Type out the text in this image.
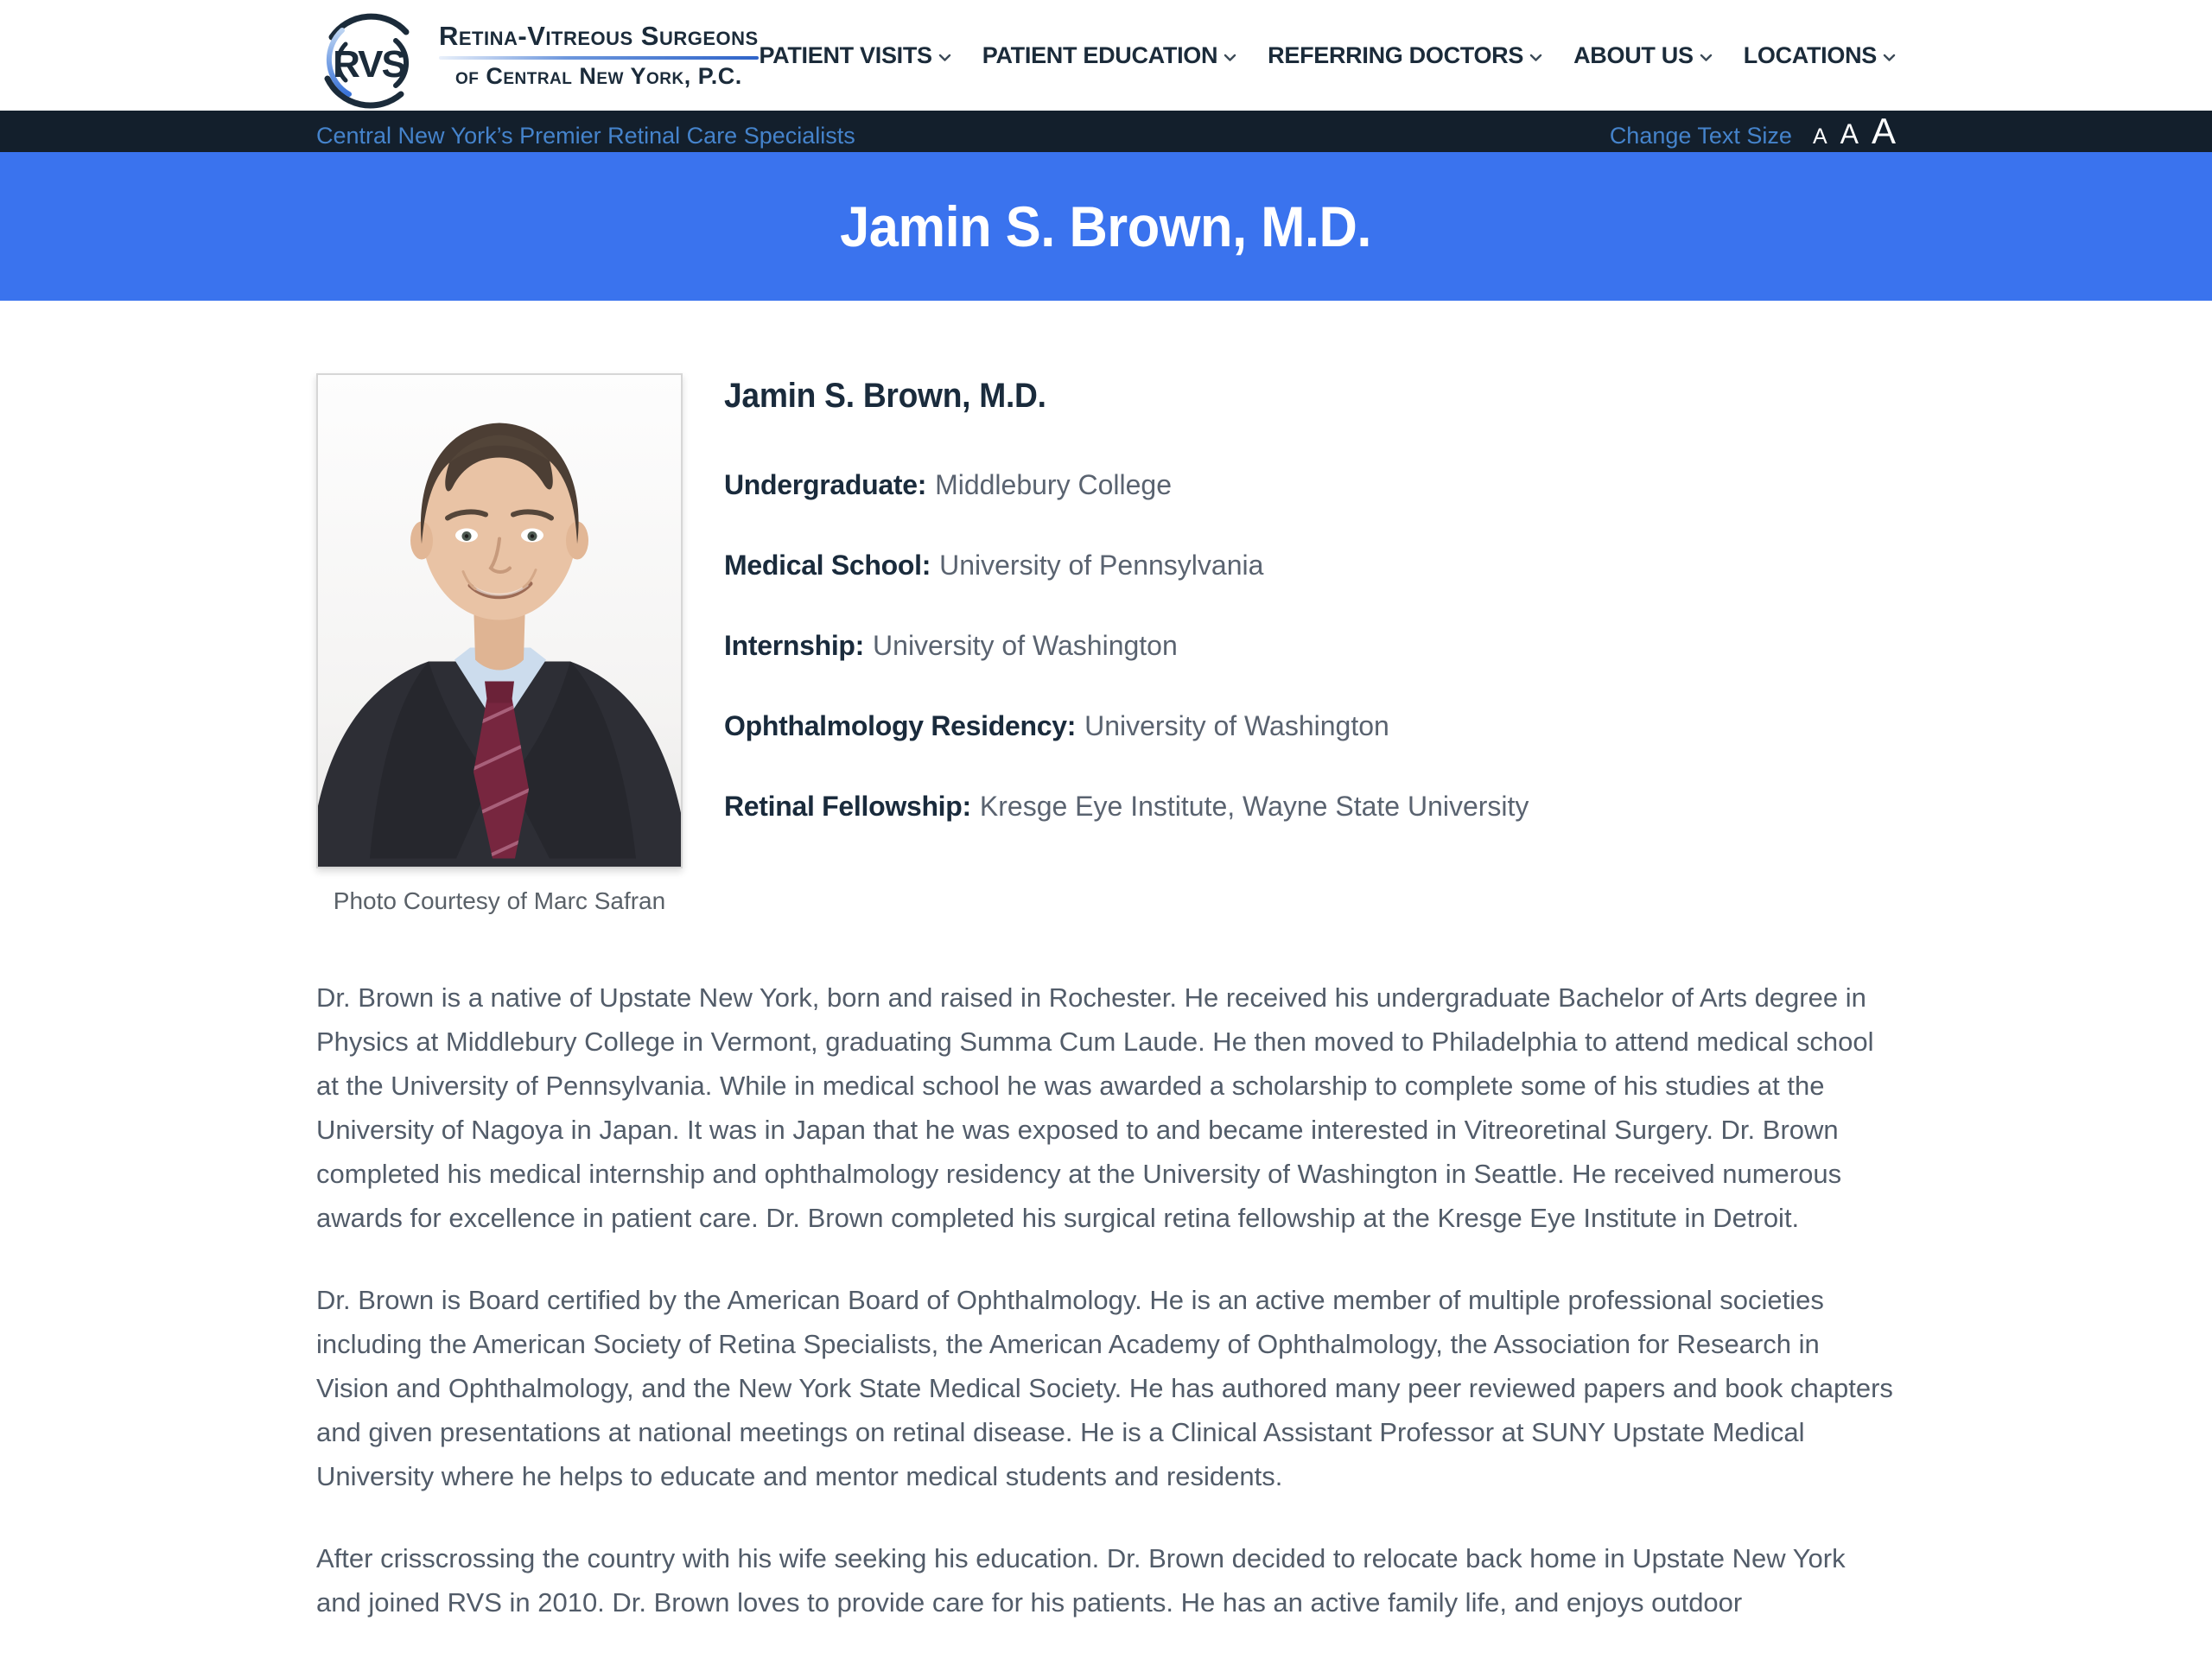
RVS
Retina-Vitreous Surgeons
of Central New York, P.C.
PATIENT VISITS PATIENT EDUCATION REFERRING DOCTORS ABOUT US LOCATIONS
Central New York’s Premier Retinal Care Specialists	Change Text Size A A A
Jamin S. Brown, M.D.
Photo Courtesy of Marc Safran
Jamin S. Brown, M.D.
Undergraduate: Middlebury College
Medical School: University of Pennsylvania
Internship: University of Washington
Ophthalmology Residency: University of Washington
Retinal Fellowship: Kresge Eye Institute, Wayne State University

Dr. Brown is a native of Upstate New York, born and raised in Rochester. He received his undergraduate Bachelor of Arts degree in Physics at Middlebury College in Vermont, graduating Summa Cum Laude. He then moved to Philadelphia to attend medical school at the University of Pennsylvania. While in medical school he was awarded a scholarship to complete some of his studies at the University of Nagoya in Japan. It was in Japan that he was exposed to and became interested in Vitreoretinal Surgery. Dr. Brown completed his medical internship and ophthalmology residency at the University of Washington in Seattle. He received numerous awards for excellence in patient care. Dr. Brown completed his surgical retina fellowship at the Kresge Eye Institute in Detroit.

Dr. Brown is Board certified by the American Board of Ophthalmology. He is an active member of multiple professional societies including the American Society of Retina Specialists, the American Academy of Ophthalmology, the Association for Research in Vision and Ophthalmology, and the New York State Medical Society. He has authored many peer reviewed papers and book chapters and given presentations at national meetings on retinal disease. He is a Clinical Assistant Professor at SUNY Upstate Medical University where he helps to educate and mentor medical students and residents.

After crisscrossing the country with his wife seeking his education. Dr. Brown decided to relocate back home in Upstate New York and joined RVS in 2010. Dr. Brown loves to provide care for his patients. He has an active family life, and enjoys outdoor
